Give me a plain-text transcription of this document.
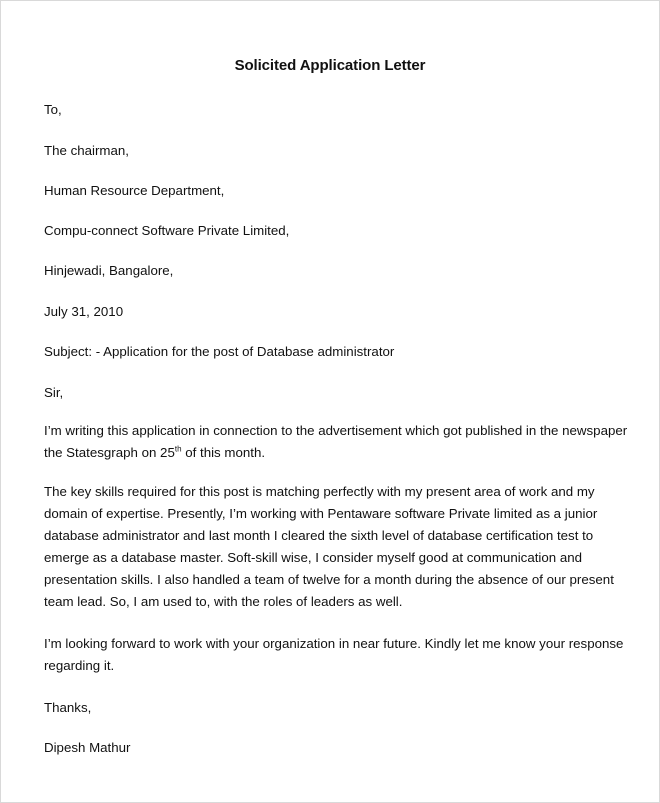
Solicited Application Letter
To,
The chairman,
Human Resource Department,
Compu-connect Software Private Limited,
Hinjewadi, Bangalore,
July 31, 2010
Subject: - Application for the post of Database administrator
Sir,
I’m writing this application in connection to the advertisement which got published in the newspaper
the Statesgraph on 25th of this month.
The key skills required for this post is matching perfectly with my present area of work and my
domain of expertise. Presently, I’m working with Pentaware software Private limited as a junior
database administrator and last month I cleared the sixth level of database certification test to
emerge as a database master. Soft-skill wise, I consider myself good at communication and
presentation skills. I also handled a team of twelve for a month during the absence of our present
team lead. So, I am used to, with the roles of leaders as well.
I’m looking forward to work with your organization in near future. Kindly let me know your response
regarding it.
Thanks,
Dipesh Mathur
